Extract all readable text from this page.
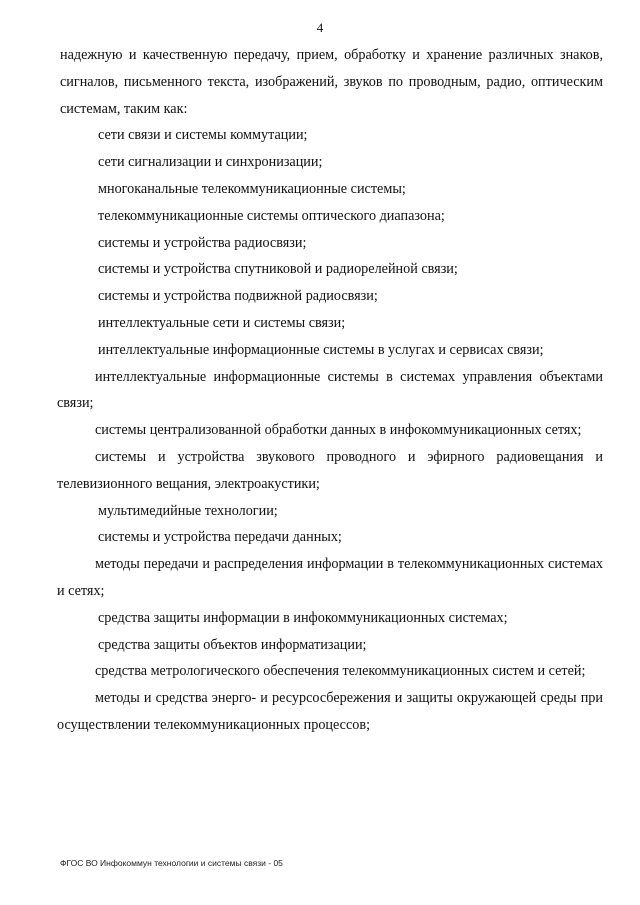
4

надежную и качественную передачу, прием, обработку и хранение различных знаков, сигналов, письменного текста, изображений, звуков по проводным, радио, оптическим системам, таким как:

сети связи и системы коммутации;

сети сигнализации и синхронизации;

многоканальные телекоммуникационные системы;

телекоммуникационные системы оптического диапазона;

системы и устройства радиосвязи;

системы и устройства спутниковой и радиорелейной связи;

системы и устройства подвижной радиосвязи;

интеллектуальные сети и системы связи;

интеллектуальные информационные системы в услугах и сервисах связи;

интеллектуальные информационные системы в системах управления объектами связи;

системы централизованной обработки данных в инфокоммуникационных сетях;

системы и устройства звукового проводного и эфирного радиовещания и телевизионного вещания, электроакустики;

мультимедийные технологии;

системы и устройства передачи данных;

методы передачи и распределения информации в телекоммуникационных системах и сетях;

средства защиты информации в инфокоммуникационных системах;

средства защиты объектов информатизации;

средства метрологического обеспечения телекоммуникационных систем и сетей;

методы и средства энерго- и ресурсосбережения и защиты окружающей среды при осуществлении телекоммуникационных процессов;

ФГОС ВО Инфокоммун технологии и системы связи - 05
